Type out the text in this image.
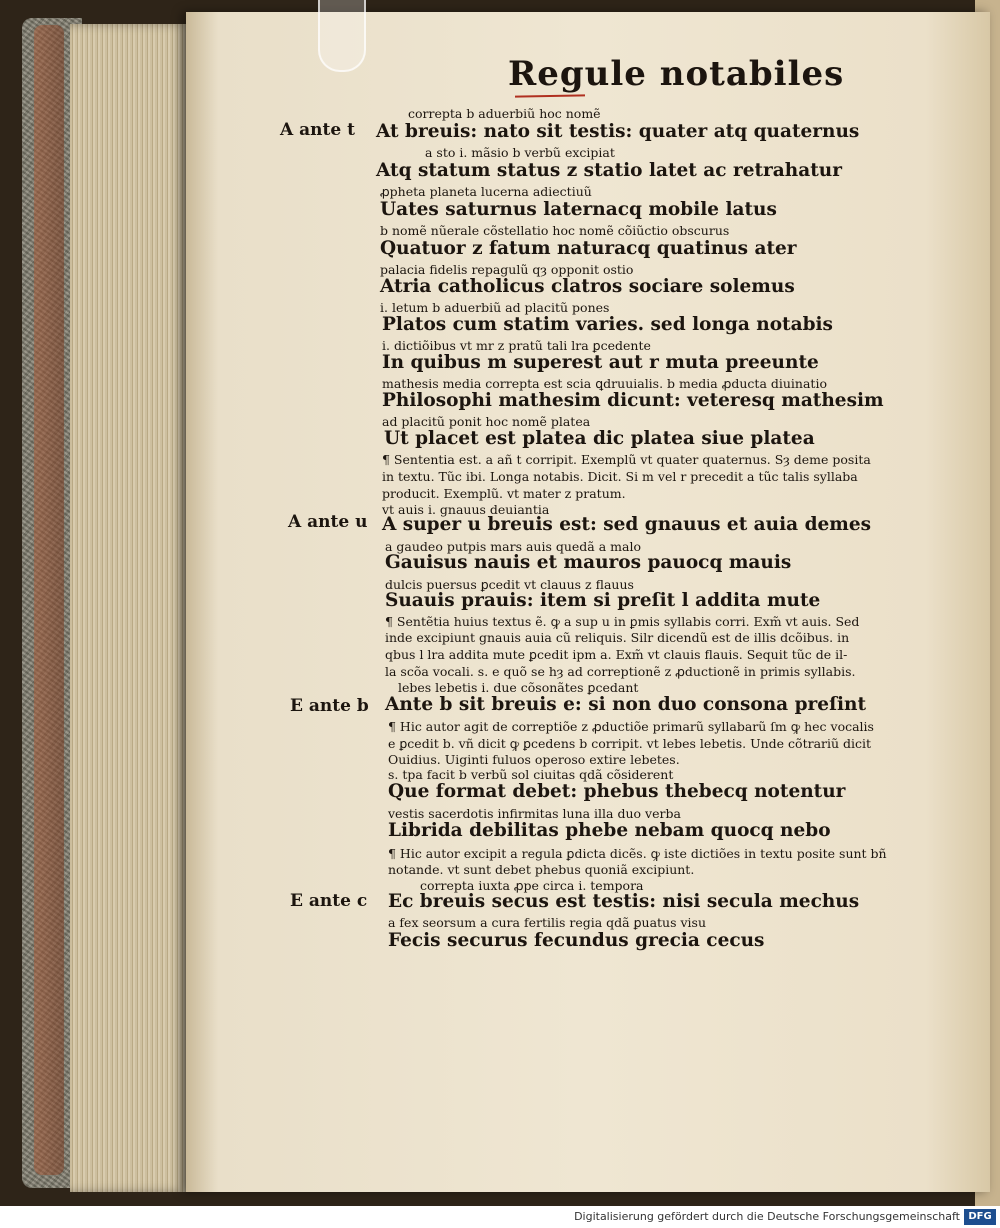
Regule notabiles
A ante t
A ante u
E ante b
E ante c
correpta b aduerbiũ hoc nomẽ
At breuis: nato sit testis: quater atq quaternus
a sto i. mãsio b verbũ excipiat
Atq statum status z statio latet ac retrahatur
ꝓpheta planeta lucerna adiectiuũ
Uates saturnus laternacq mobile latus
b nomẽ nũerale cõstellatio hoc nomẽ cõiũctio obscurus
Quatuor z fatum naturacq quatinus ater
palacia fidelis repagulũ qȝ opponit ostio
Atria catholicus clatros sociare solemus
i. letum b aduerbiũ ad placitũ pones
Platos cum statim varies. sed longa notabis
i. dictiõibus vt mr z pratũ tali lra ꝑcedente
In quibus m superest aut r muta preeunte
mathesis media correpta est scia ꝗdruuialis. b media ꝓducta diuinatio
Philosophi mathesim dicunt: veteresq mathesim
ad placitũ ponit hoc nomẽ platea
Ut placet est platea dic platea siue platea
¶ Sententia est. a añ t corripit. Exemplũ vt quater quaternus. Sȝ deme posita
in textu. Tũc ibi. Longa notabis. Dicit. Si m vel r precedit a tũc talis syllaba
producit. Exemplũ. vt mater z pratum.
vt auis i. gnauus deuiantia
A super u breuis est: sed gnauus et auia demes
a gaudeo putpis mars auis quedã a malo
Gauisus nauis et mauros pauocq mauis
dulcis puersus ꝑcedit vt clauus z flauus
Suauis prauis: item si preſit l addita mute
¶ Sentẽtia huius textus ẽ. ꝙ a sup u in ꝑmis syllabis corri. Exm̃ vt auis. Sed
inde excipiunt gnauis auia cũ reliquis. Silr dicendũ est de illis dcõibus. in
qbus l lra addita mute ꝑcedit ipm a. Exm̃ vt clauis flauis. Sequit tũc de il-
la scõa vocali. s. e quõ se hȝ ad correptionẽ z ꝓductionẽ in primis syllabis.
lebes lebetis i. due cõsonãtes ꝑcedant
Ante b sit breuis e: si non duo consona preſint
¶ Hic autor agit de correptiõe z ꝓductiõe primarũ syllabarũ ſm ꝙ hec vocalis
e ꝑcedit b. vñ dicit ꝙ ꝑcedens b corripit. vt lebes lebetis. Unde cõtrariũ dicit
Ouidius. Uiginti fuluos operoso extire lebetes.
s. tpa facit b verbũ sol ciuitas qdã cõsiderent
Que format debet: phebus thebecq notentur
vestis sacerdotis infirmitas luna illa duo verba
Librida debilitas phebe nebam quocq nebo
¶ Hic autor excipit a regula ꝑdicta dicẽs. ꝙ iste dictiões in textu posite sunt bñ
notande. vt sunt debet phebus quoniã excipiunt.
correpta iuxta ꝓpe circa i. tempora
Ec breuis secus est testis: nisi secula mechus
a fex seorsum a cura fertilis regia qdã ꝑuatus visu
Fecis securus fecundus grecia cecus
Digitalisierung gefördert durch die Deutsche Forschungsgemeinschaft DFG
